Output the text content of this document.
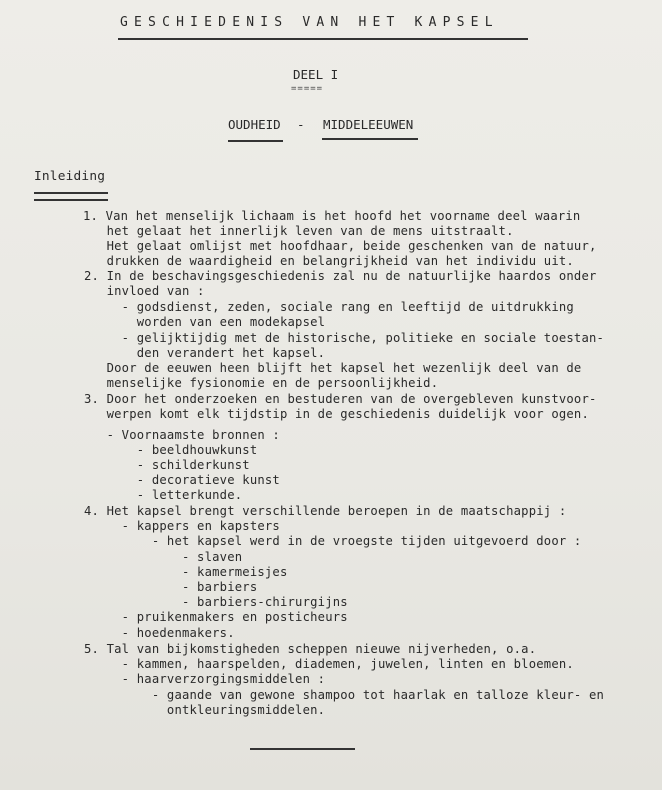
GESCHIEDENIS VAN HET KAPSEL
DEEL I
=====
OUDHEID - MIDDELEEUWEN
Inleiding
1. Van het menselijk lichaam is het hoofd het voorname deel waarin
het gelaat het innerlijk leven van de mens uitstraalt.
Het gelaat omlijst met hoofdhaar, beide geschenken van de natuur,
drukken de waardigheid en belangrijkheid van het individu uit.
2. In de beschavingsgeschiedenis zal nu de natuurlijke haardos onder
invloed van :
- godsdienst, zeden, sociale rang en leeftijd de uitdrukking
worden van een modekapsel
- gelijktijdig met de historische, politieke en sociale toestan-
den verandert het kapsel.
Door de eeuwen heen blijft het kapsel het wezenlijk deel van de
menselijke fysionomie en de persoonlijkheid.
3. Door het onderzoeken en bestuderen van de overgebleven kunstvoor-
werpen komt elk tijdstip in de geschiedenis duidelijk voor ogen.
- Voornaamste bronnen :
- beeldhouwkunst
- schilderkunst
- decoratieve kunst
- letterkunde.
4. Het kapsel brengt verschillende beroepen in de maatschappij :
- kappers en kapsters
- het kapsel werd in de vroegste tijden uitgevoerd door :
- slaven
- kamermeisjes
- barbiers
- barbiers-chirurgijns
- pruikenmakers en posticheurs
- hoedenmakers.
5. Tal van bijkomstigheden scheppen nieuwe nijverheden, o.a.
- kammen, haarspelden, diademen, juwelen, linten en bloemen.
- haarverzorgingsmiddelen :
- gaande van gewone shampoo tot haarlak en talloze kleur- en
ontkleuringsmiddelen.
